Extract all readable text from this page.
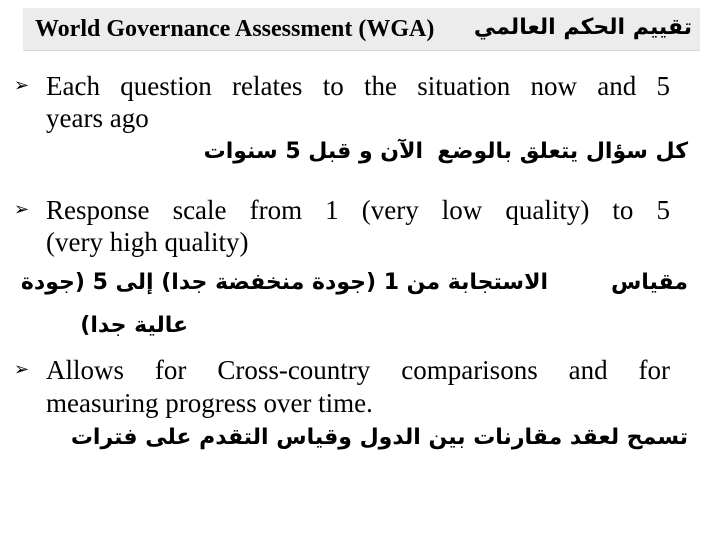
World Governance Assessment (WGA) تقييم الحكم العالمي
➢ Each question relates to the situation now and 5
years ago
كل سؤال يتعلق بالوضع
الآن و قبل 5 سنوات
➢ Response scale from 1 (very low quality) to 5
(very high quality)
مقياس
الاستجابة من 1 (جودة منخفضة جدا) إلى 5 (جودة
عالية جدا)
➢ Allows for Cross-country comparisons and for
measuring progress over time.
تسمح لعقد مقارنات بين الدول وقياس التقدم على فترات
